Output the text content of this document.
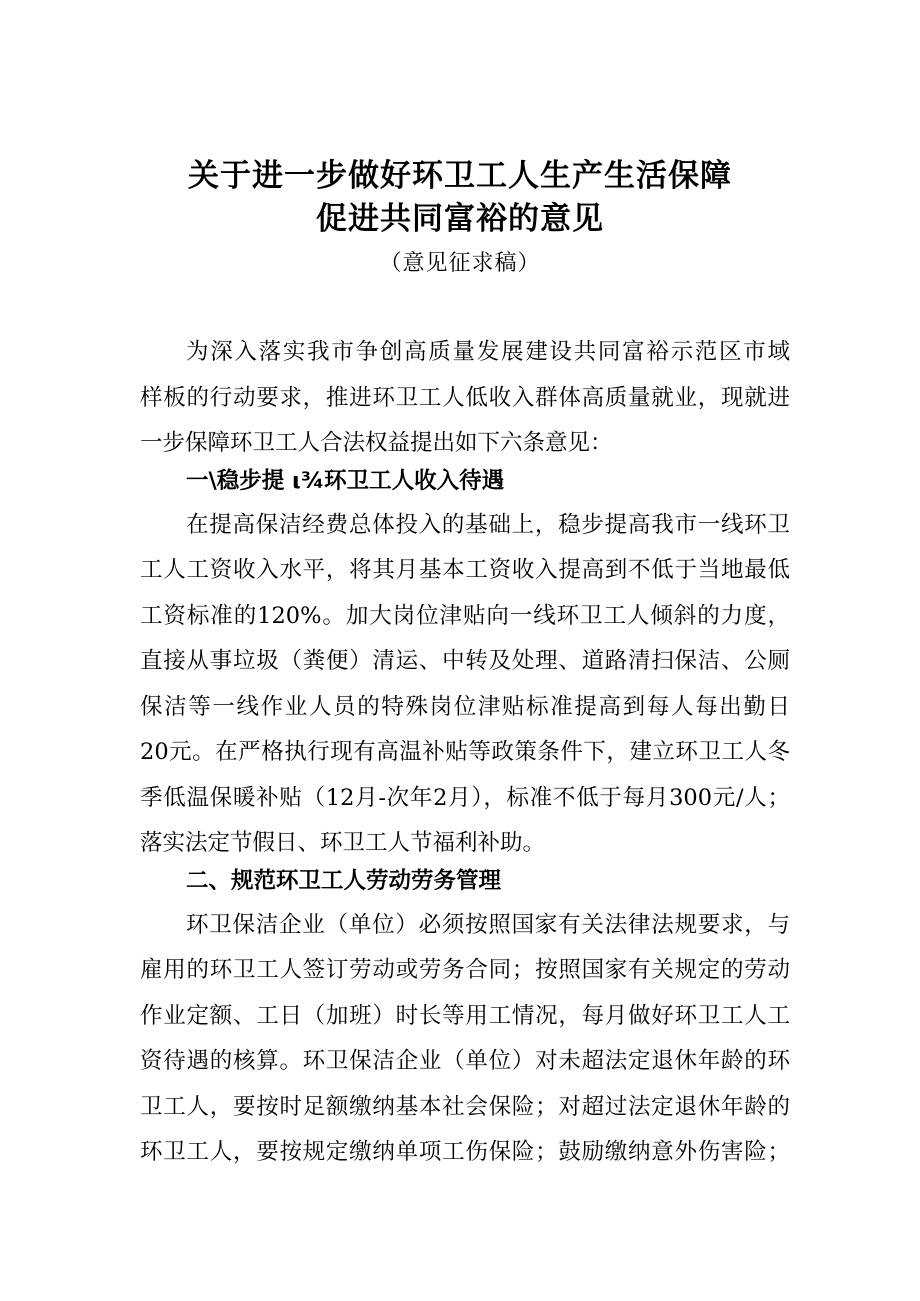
关于进一步做好环卫工人生产生活保障
促进共同富裕的意见
（意见征求稿）
为深入落实我市争创高质量发展建设共同富裕示范区市域
样板的行动要求，推进环卫工人低收入群体高质量就业，现就进
一步保障环卫工人合法权益提出如下六条意见：
一\稳步提 ι¾环卫工人收入待遇
在提高保洁经费总体投入的基础上，稳步提高我市一线环卫
工人工资收入水平，将其月基本工资收入提高到不低于当地最低
工资标准的120%。加大岗位津贴向一线环卫工人倾斜的力度，
直接从事垃圾（粪便）清运、中转及处理、道路清扫保洁、公厕
保洁等一线作业人员的特殊岗位津贴标准提高到每人每出勤日
20元。在严格执行现有高温补贴等政策条件下，建立环卫工人冬
季低温保暖补贴（12月-次年2月），标准不低于每月300元/人；
落实法定节假日、环卫工人节福利补助。
二、规范环卫工人劳动劳务管理
环卫保洁企业（单位）必须按照国家有关法律法规要求，与
雇用的环卫工人签订劳动或劳务合同；按照国家有关规定的劳动
作业定额、工日（加班）时长等用工情况，每月做好环卫工人工
资待遇的核算。环卫保洁企业（单位）对未超法定退休年龄的环
卫工人，要按时足额缴纳基本社会保险；对超过法定退休年龄的
环卫工人，要按规定缴纳单项工伤保险；鼓励缴纳意外伤害险；
